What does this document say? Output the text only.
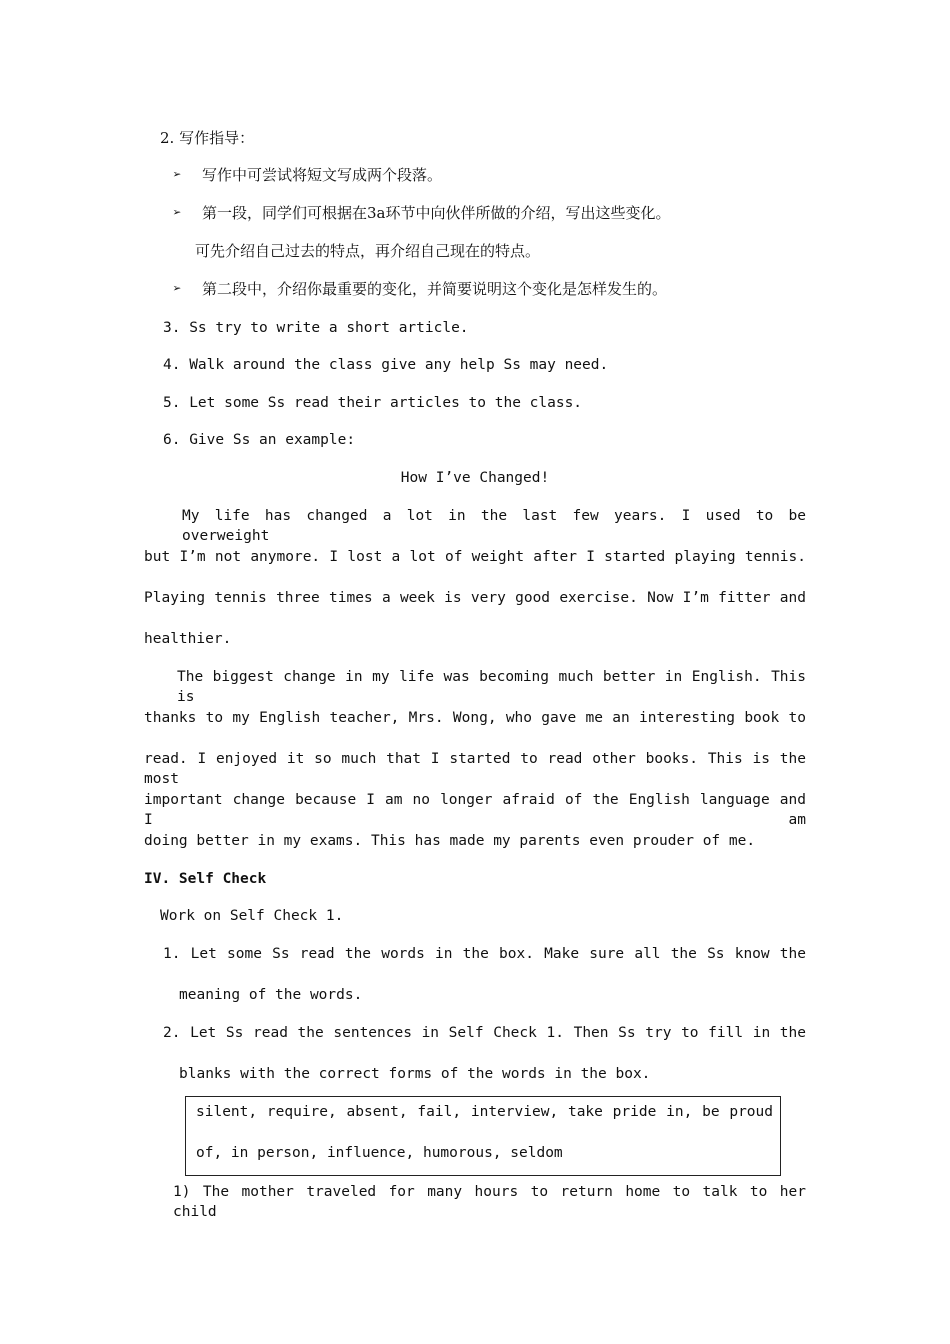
2. 写作指导：
➢ 写作中可尝试将短文写成两个段落。
➢ 第一段，同学们可根据在3a环节中向伙伴所做的介绍，写出这些变化。
可先介绍自己过去的特点，再介绍自己现在的特点。
➢ 第二段中，介绍你最重要的变化，并简要说明这个变化是怎样发生的。
3. Ss try to write a short article.
4. Walk around the class give any help Ss may need.
5. Let some Ss read their articles to the class.
6. Give Ss an example:
How I’ve Changed!
My life has changed a lot in the last few years. I used to be overweight
but I’m not anymore. I lost a lot of weight after I started playing tennis.
Playing tennis three times a week is very good exercise. Now I’m fitter and
healthier.
The biggest change in my life was becoming much better in English. This is
thanks to my English teacher, Mrs. Wong, who gave me an interesting book to
read. I enjoyed it so much that I started to read other books. This is the most
important change because I am no longer afraid of the English language and I am
doing better in my exams. This has made my parents even prouder of me.
IV. Self Check
Work on Self Check 1.
1. Let some Ss read the words in the box. Make sure all the Ss know the
meaning of the words.
2. Let Ss read the sentences in Self Check 1. Then Ss try to fill in the
blanks with the correct forms of the words in the box.
silent, require, absent, fail, interview, take pride in, be proud
of, in person, influence, humorous, seldom
1) The mother traveled for many hours to return home to talk to her child
